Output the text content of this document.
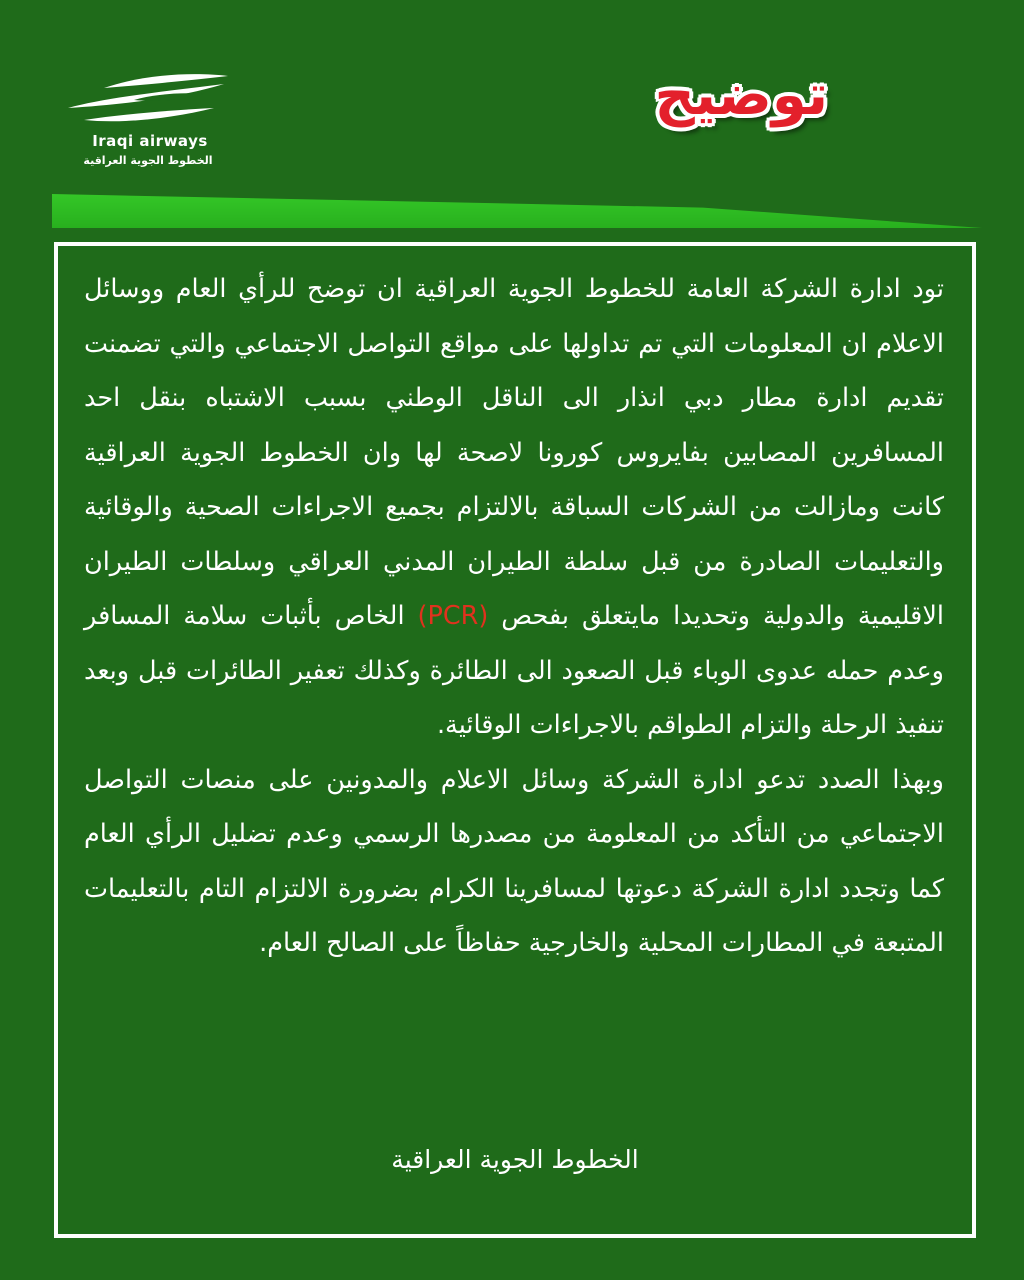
Iraqi airways
الخطوط الجوية العراقية
توضيح

تود ادارة الشركة العامة للخطوط الجوية العراقية ان توضح للرأي العام ووسائل الاعلام ان المعلومات التي تم تداولها على مواقع التواصل الاجتماعي والتي تضمنت تقديم ادارة مطار دبي انذار الى الناقل الوطني بسبب الاشتباه بنقل احد المسافرين المصابين بفايروس كورونا لاصحة لها وان الخطوط الجوية العراقية كانت ومازالت من الشركات السباقة بالالتزام بجميع الاجراءات الصحية والوقائية والتعليمات الصادرة من قبل سلطة الطيران المدني العراقي وسلطات الطيران الاقليمية والدولية وتحديدا مايتعلق بفحص (PCR) الخاص بأثبات سلامة المسافر وعدم حمله عدوى الوباء قبل الصعود الى الطائرة وكذلك تعفير الطائرات قبل وبعد تنفيذ الرحلة والتزام الطواقم بالاجراءات الوقائية.

وبهذا الصدد تدعو ادارة الشركة وسائل الاعلام والمدونين على منصات التواصل الاجتماعي من التأكد من المعلومة من مصدرها الرسمي وعدم تضليل الرأي العام كما وتجدد ادارة الشركة دعوتها لمسافرينا الكرام بضرورة الالتزام التام بالتعليمات المتبعة في المطارات المحلية والخارجية حفاظاً على الصالح العام.

الخطوط الجوية العراقية
